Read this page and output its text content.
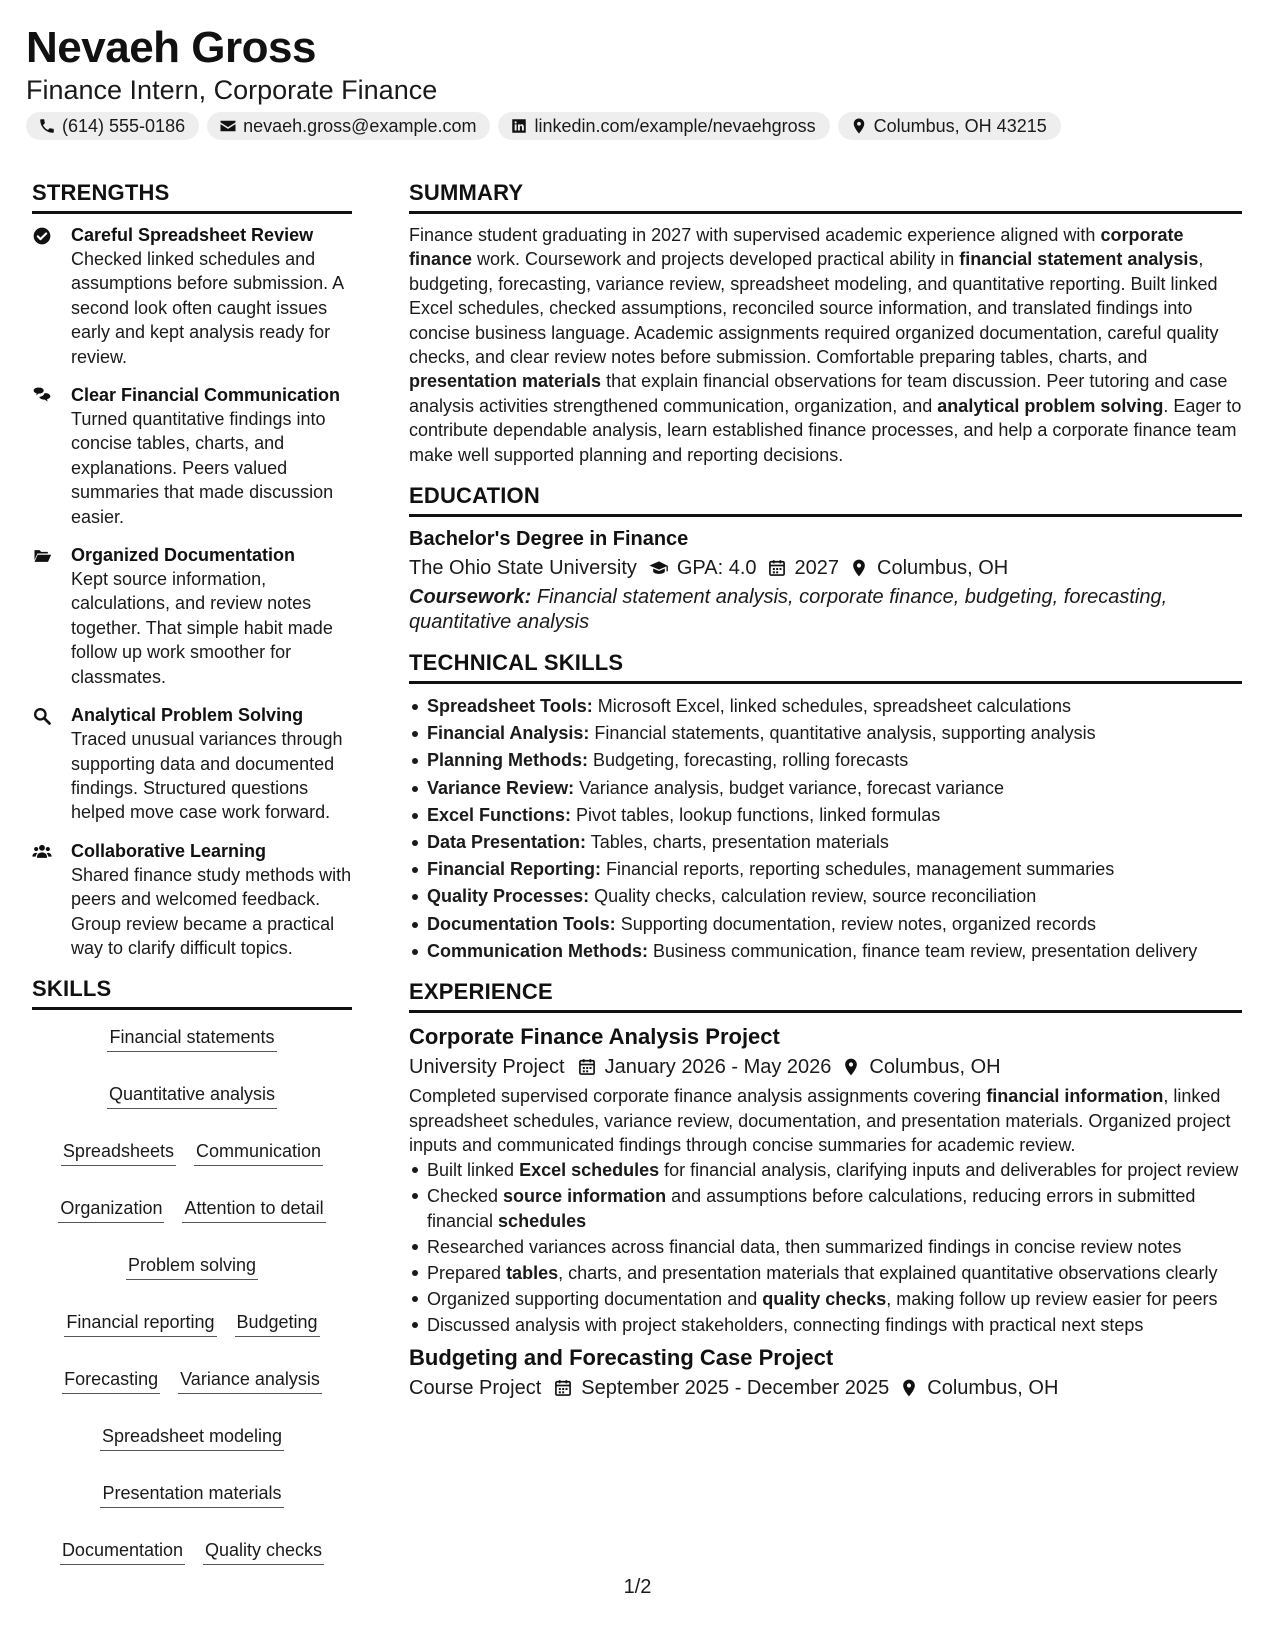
Nevaeh Gross
Finance Intern, Corporate Finance
(614) 555-0186	nevaeh.gross@example.com	linkedin.com/example/nevaehgross	Columbus, OH 43215
STRENGTHS
Careful Spreadsheet Review
Checked linked schedules and assumptions before submission. A second look often caught issues early and kept analysis ready for review.
Clear Financial Communication
Turned quantitative findings into concise tables, charts, and explanations. Peers valued summaries that made discussion easier.
Organized Documentation
Kept source information, calculations, and review notes together. That simple habit made follow up work smoother for classmates.
Analytical Problem Solving
Traced unusual variances through supporting data and documented findings. Structured questions helped move case work forward.
Collaborative Learning
Shared finance study methods with peers and welcomed feedback. Group review became a practical way to clarify difficult topics.
SKILLS
Financial statements
Quantitative analysis
Spreadsheets Communication
Organization Attention to detail
Problem solving
Financial reporting Budgeting
Forecasting Variance analysis
Spreadsheet modeling
Presentation materials
Documentation Quality checks
SUMMARY
Finance student graduating in 2027 with supervised academic experience aligned with corporate finance work. Coursework and projects developed practical ability in financial statement analysis, budgeting, forecasting, variance review, spreadsheet modeling, and quantitative reporting. Built linked Excel schedules, checked assumptions, reconciled source information, and translated findings into concise business language. Academic assignments required organized documentation, careful quality checks, and clear review notes before submission. Comfortable preparing tables, charts, and presentation materials that explain financial observations for team discussion. Peer tutoring and case analysis activities strengthened communication, organization, and analytical problem solving. Eager to contribute dependable analysis, learn established finance processes, and help a corporate finance team make well supported planning and reporting decisions.
EDUCATION
Bachelor's Degree in Finance
The Ohio State University GPA: 4.0 2027 Columbus, OH
Coursework: Financial statement analysis, corporate finance, budgeting, forecasting, quantitative analysis
TECHNICAL SKILLS
Spreadsheet Tools: Microsoft Excel, linked schedules, spreadsheet calculations
Financial Analysis: Financial statements, quantitative analysis, supporting analysis
Planning Methods: Budgeting, forecasting, rolling forecasts
Variance Review: Variance analysis, budget variance, forecast variance
Excel Functions: Pivot tables, lookup functions, linked formulas
Data Presentation: Tables, charts, presentation materials
Financial Reporting: Financial reports, reporting schedules, management summaries
Quality Processes: Quality checks, calculation review, source reconciliation
Documentation Tools: Supporting documentation, review notes, organized records
Communication Methods: Business communication, finance team review, presentation delivery
EXPERIENCE
Corporate Finance Analysis Project
University Project January 2026 - May 2026 Columbus, OH
Completed supervised corporate finance analysis assignments covering financial information, linked spreadsheet schedules, variance review, documentation, and presentation materials. Organized project inputs and communicated findings through concise summaries for academic review.
Built linked Excel schedules for financial analysis, clarifying inputs and deliverables for project review
Checked source information and assumptions before calculations, reducing errors in submitted financial schedules
Researched variances across financial data, then summarized findings in concise review notes
Prepared tables, charts, and presentation materials that explained quantitative observations clearly
Organized supporting documentation and quality checks, making follow up review easier for peers
Discussed analysis with project stakeholders, connecting findings with practical next steps
Budgeting and Forecasting Case Project
Course Project September 2025 - December 2025 Columbus, OH
1/2
